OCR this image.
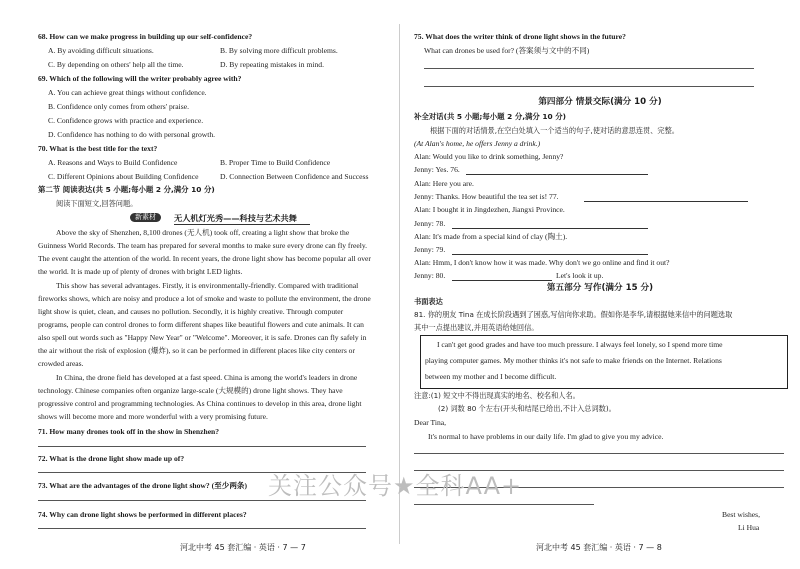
68. How can we make progress in building up our self-confidence?
A. By avoiding difficult situations.	B. By solving more difficult problems.
C. By depending on others' help all the time.	D. By repeating mistakes in mind.
69. Which of the following will the writer probably agree with?
A. You can achieve great things without confidence.
B. Confidence only comes from others' praise.
C. Confidence grows with practice and experience.
D. Confidence has nothing to do with personal growth.
70. What is the best title for the text?
A. Reasons and Ways to Build Confidence	B. Proper Time to Build Confidence
C. Different Opinions about Building Confidence	D. Connection Between Confidence and Success
第二节 阅读表达(共 5 小题;每小题 2 分,满分 10 分)
阅读下面短文,回答问题。
新素材	无人机灯光秀——科技与艺术共舞
Above the sky of Shenzhen, 8,100 drones (无人机) took off, creating a light show that broke the
Guinness World Records. The team has prepared for several months to make sure every drone can fly freely.
The event caught the attention of the world. In recent years, the drone light show has become popular all over
the world. It is made up of plenty of drones with bright LED lights.
This show has several advantages. Firstly, it is environmentally-friendly. Compared with traditional
fireworks shows, which are noisy and produce a lot of smoke and waste to pollute the environment, the drone
light show is quiet, clean, and causes no pollution. Secondly, it is highly creative. Through computer
programs, people can control drones to form different shapes like beautiful flowers and cute animals. It can
also spell out words such as "Happy New Year" or "Welcome". Moreover, it is safe. Drones can fly safely in
the air without the risk of explosion (爆炸), so it can be performed in different places like city centers or
crowded areas.
In China, the drone field has developed at a fast speed. China is among the world's leaders in drone
technology. Chinese companies often organize large-scale (大规模的) drone light shows. They have
progressive control and programming technologies. As China continues to develop in this area, drone light
shows will become more and more wonderful with a very promising future.
71. How many drones took off in the show in Shenzhen?
72. What is the drone light show made up of?
73. What are the advantages of the drone light show? (至少两条)
74. Why can drone light shows be performed in different places?
河北中考 45 套汇编 · 英语 · 7 — 7
75. What does the writer think of drone light shows in the future?
What can drones be used for? (答案须与文中的不同)
第四部分 情景交际(满分 10 分)
补全对话(共 5 小题;每小题 2 分,满分 10 分)
根据下面的对话情景,在空白处填入一个适当的句子,使对话的意思连贯、完整。
(At Alan's home, he offers Jenny a drink.)
Alan: Would you like to drink something, Jenny?
Jenny: Yes. 76.
Alan: Here you are.
Jenny: Thanks. How beautiful the tea set is! 77.
Alan: I bought it in Jingdezhen, Jiangxi Province.
Jenny: 78.
Alan: It's made from a special kind of clay (陶土).
Jenny: 79.
Alan: Hmm, I don't know how it was made. Why don't we go online and find it out?
Jenny: 80.	Let's look it up.
第五部分 写作(满分 15 分)
书面表达
81. 你的朋友 Tina 在成长阶段遇到了困惑,写信向你求助。假如你是李华,请根据她来信中的问题选取
其中一点提出建议,并用英语给她回信。
I can't get good grades and have too much pressure. I always feel lonely, so I spend more time
playing computer games. My mother thinks it's not safe to make friends on the Internet. Relations
between my mother and I become difficult.
注意:(1) 短文中不得出现真实的地名、校名和人名。
(2) 词数 80 个左右(开头和结尾已给出,不计入总词数)。
Dear Tina,
It's normal to have problems in our daily life. I'm glad to give you my advice.
Best wishes,
Li Hua
河北中考 45 套汇编 · 英语 · 7 — 8
关注公众号★全科AA+
